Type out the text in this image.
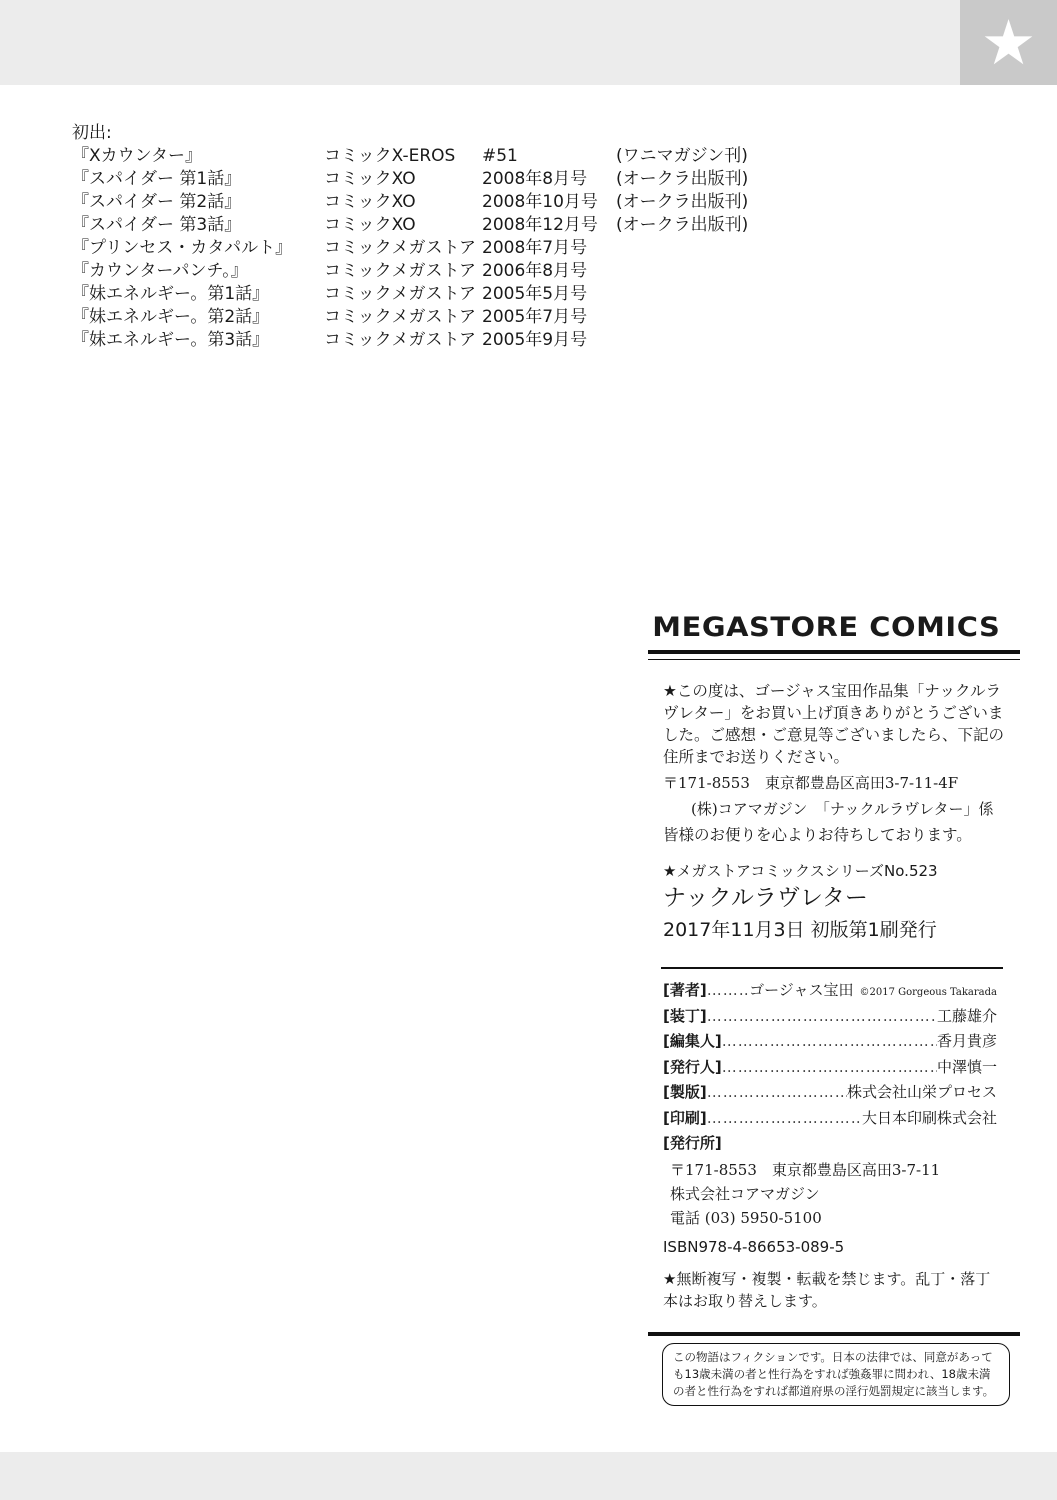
★
初出:
『Xカウンター』	コミックX-EROS #51	(ワニマガジン刊)
『スパイダー 第1話』	コミックXO	2008年8月号 (オークラ出版刊)
『スパイダー 第2話』	コミックXO	2008年10月号 (オークラ出版刊)
『スパイダー 第3話』	コミックXO	2008年12月号 (オークラ出版刊)
『プリンセス・カタパルト』 コミックメガストア 2008年7月号
『カウンターパンチ。』	コミックメガストア 2006年8月号
『妹エネルギー。第1話』	コミックメガストア 2005年5月号
『妹エネルギー。第2話』	コミックメガストア 2005年7月号
『妹エネルギー。第3話』	コミックメガストア 2005年9月号
MEGASTORE COMICS

★この度は、ゴージャス宝田作品集「ナックルラヴレター」をお買い上げ頂きありがとうございました。ご感想・ご意見等ございましたら、下記の住所までお送りください。

〒171-8553　東京都豊島区高田3-7-11-4F
(株)コアマガジン　「ナックルラヴレター」係
皆様のお便りを心よりお待ちしております。
★メガストアコミックスシリーズNo.523
ナックルラヴレター
2017年11月3日 初版第1刷発行
[著者] …………………………………………………………	ゴージャス宝田 ©2017 Gorgeous Takarada
[装丁] …………………………………………………………	工藤雄介
[編集人] …………………………………………………………	香月貴彦
[発行人] …………………………………………………………	中澤慎一
[製版] …………………………………………………………	株式会社山栄プロセス
[印刷] …………………………………………………………	大日本印刷株式会社
[発行所]
〒171-8553　東京都豊島区高田3-7-11
株式会社コアマガジン
電話 (03) 5950-5100
ISBN978-4-86653-089-5
★無断複写・複製・転載を禁じます。乱丁・落丁本はお取り替えします。
この物語はフィクションです。日本の法律では、同意があっても13歳未満の者と性行為をすれば強姦罪に問われ、18歳未満の者と性行為をすれば都道府県の淫行処罰規定に該当します。
